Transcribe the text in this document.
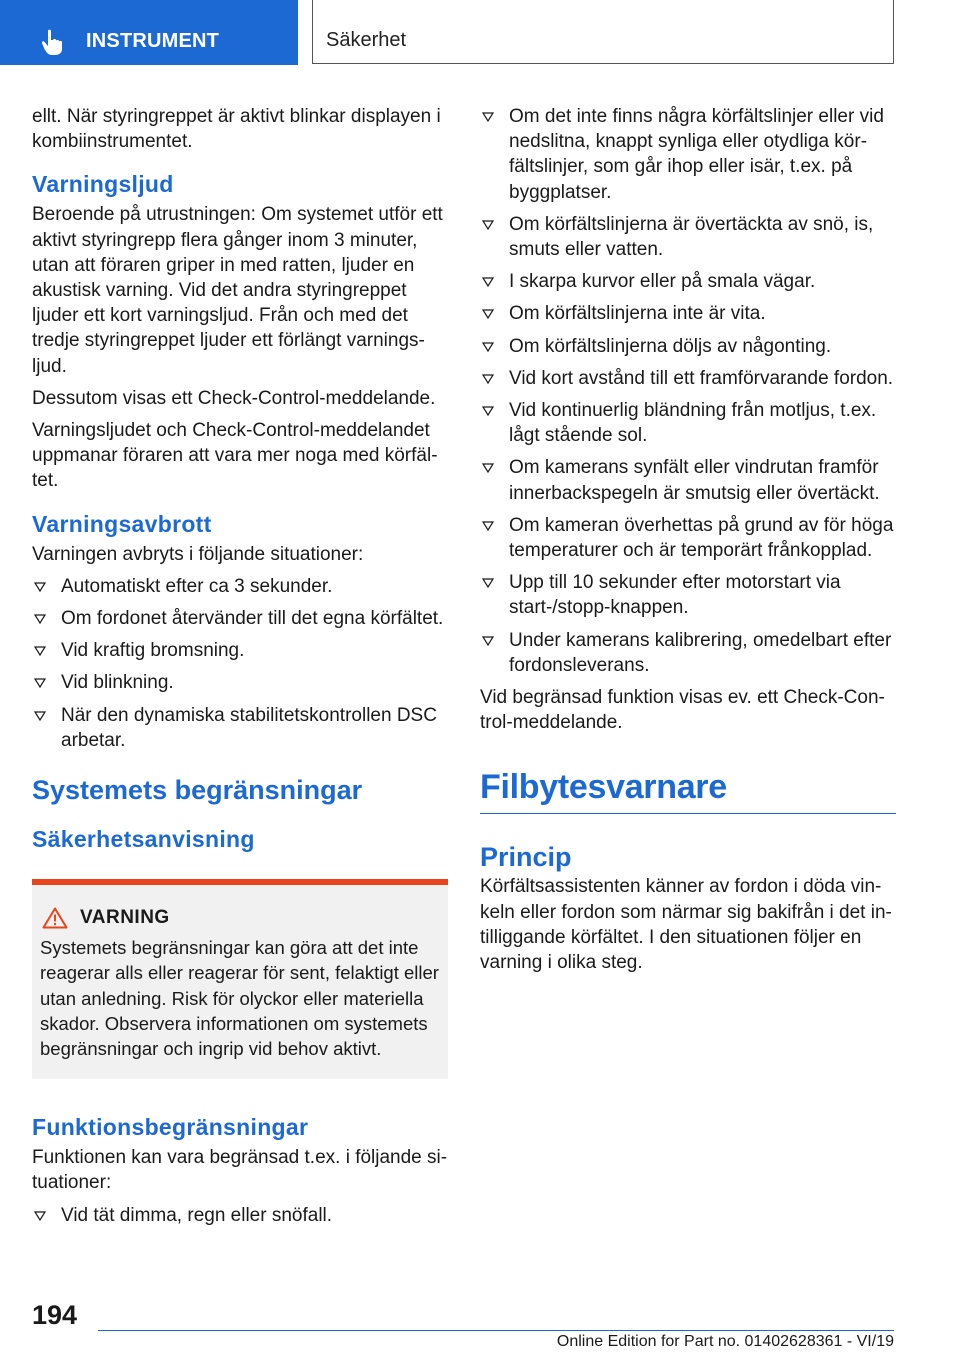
INSTRUMENT	Säkerhet

ellt. När styringreppet är aktivt blinkar displayen i kombiinstrumentet.

Varningsljud

Beroende på utrustningen: Om systemet utför ett aktivt styringrepp flera gånger inom 3 minuter, utan att föraren griper in med ratten, ljuder en akustisk varning. Vid det andra styringreppet ljuder ett kort varningsljud. Från och med det tredje styringreppet ljuder ett förlängt varningsljud.

Dessutom visas ett Check-Control-meddelande.

Varningsljudet och Check-Control-meddelandet uppmanar föraren att vara mer noga med körfältet.

Varningsavbrott

Varningen avbryts i följande situationer:

Automatiskt efter ca 3 sekunder.
Om fordonet återvänder till det egna körfältet.
Vid kraftig bromsning.
Vid blinkning.
När den dynamiska stabilitetskontrollen DSC arbetar.
Systemets begränsningar
Säkerhetsanvisning
VARNING
Systemets begränsningar kan göra att det inte reagerar alls eller reagerar för sent, felaktigt eller utan anledning. Risk för olyckor eller materiella skador. Observera informationen om systemets begränsningar och ingrip vid behov aktivt.
Funktionsbegränsningar

Funktionen kan vara begränsad t.ex. i följande situationer:

Vid tät dimma, regn eller snöfall.
Om det inte finns några körfältslinjer eller vid nedslitna, knappt synliga eller otydliga körfältslinjer, som går ihop eller isär, t.ex. på byggplatser.
Om körfältslinjerna är övertäckta av snö, is, smuts eller vatten.
I skarpa kurvor eller på smala vägar.
Om körfältslinjerna inte är vita.
Om körfältslinjerna döljs av någonting.
Vid kort avstånd till ett framförvarande fordon.
Vid kontinuerlig bländning från motljus, t.ex. lågt stående sol.
Om kamerans synfält eller vindrutan framför innerbackspegeln är smutsig eller övertäckt.
Om kameran överhettas på grund av för höga temperaturer och är temporärt frånkopplad.
Upp till 10 sekunder efter motorstart via start-/stopp-knappen.
Under kamerans kalibrering, omedelbart efter fordonsleverans.

Vid begränsad funktion visas ev. ett Check-Control-meddelande.

Filbytesvarnare
Princip

Körfältsassistenten känner av fordon i döda vinkeln eller fordon som närmar sig bakifrån i det intilliggande körfältet. I den situationen följer en varning i olika steg.

194
Online Edition for Part no. 01402628361 - VI/19
